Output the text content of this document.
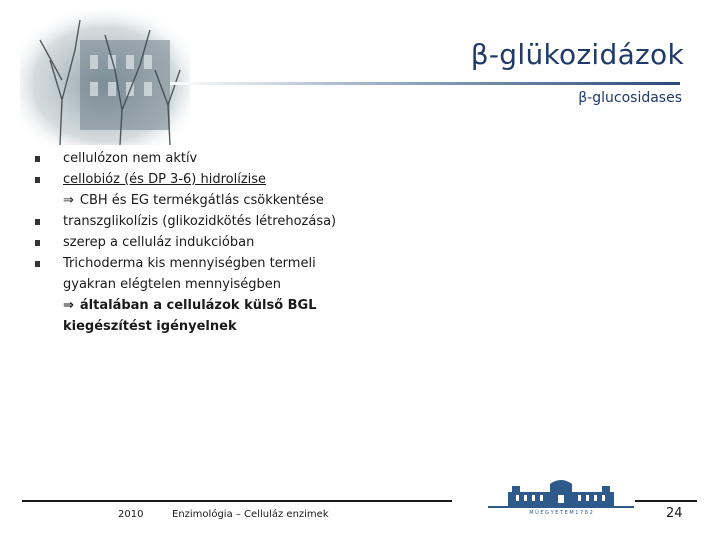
β-glükozidázok
β-glucosidases
cellulózon nem aktív
cellobióz (és DP 3-6) hidrolízise
⇒ CBH és EG termékgátlás csökkentése
transzglikolízis (glikozidkötés létrehozása)
szerep a celluláz indukcióban
Trichoderma kis mennyiségben termeli
gyakran elégtelen mennyiségben
⇒ általában a cellulázok külső BGL
kiegészítést igényelnek
2010	Enzimológia – Celluláz enzimek	24
M Ű E G Y E T E M 1 7 8 2
